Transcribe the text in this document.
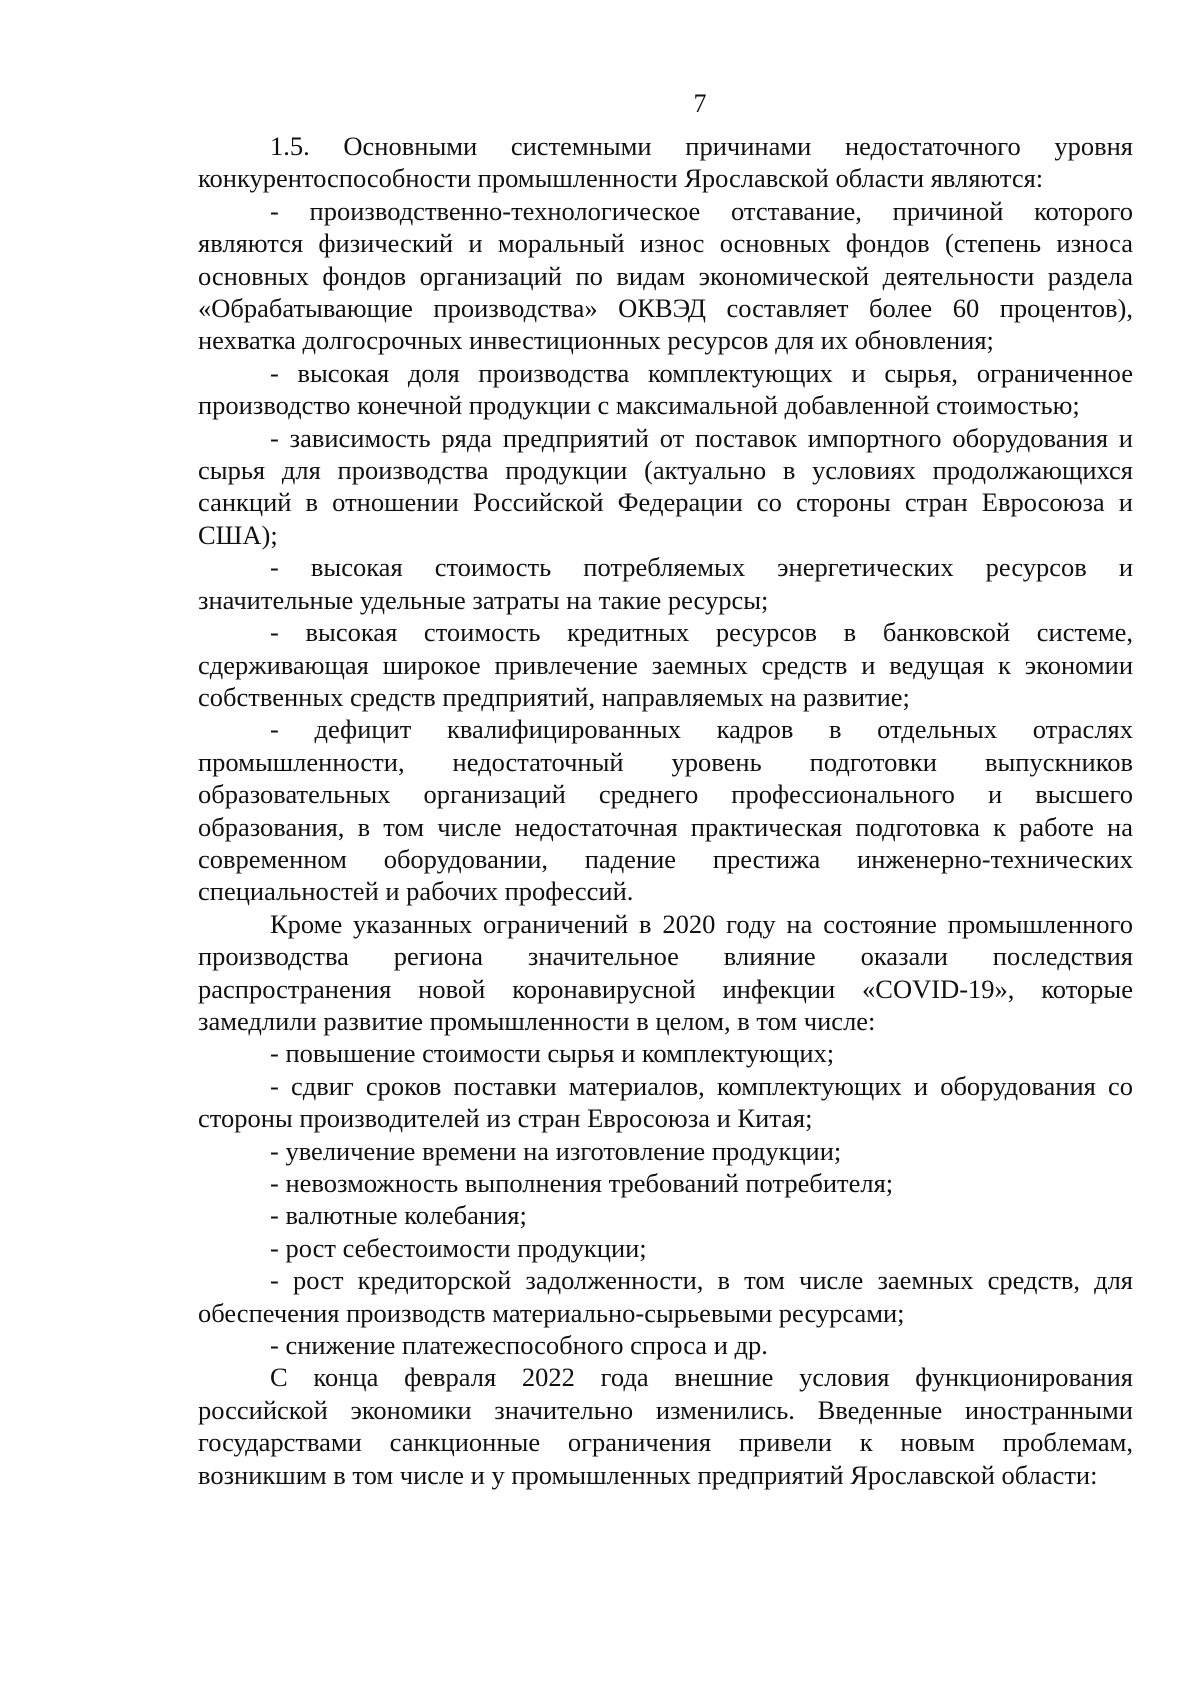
7

1.5. Основными системными причинами недостаточного уровня конкурентоспособности промышленности Ярославской области являются:

- производственно-технологическое отставание, причиной которого являются физический и моральный износ основных фондов (степень износа основных фондов организаций по видам экономической деятельности раздела «Обрабатывающие производства» ОКВЭД составляет более 60 процентов), нехватка долгосрочных инвестиционных ресурсов для их обновления;

- высокая доля производства комплектующих и сырья, ограниченное производство конечной продукции с максимальной добавленной стоимостью;

- зависимость ряда предприятий от поставок импортного оборудования и сырья для производства продукции (актуально в условиях продолжающихся санкций в отношении Российской Федерации со стороны стран Евросоюза и США);

- высокая стоимость потребляемых энергетических ресурсов и значительные удельные затраты на такие ресурсы;

- высокая стоимость кредитных ресурсов в банковской системе, сдерживающая широкое привлечение заемных средств и ведущая к экономии собственных средств предприятий, направляемых на развитие;

- дефицит квалифицированных кадров в отдельных отраслях промышленности, недостаточный уровень подготовки выпускников образовательных организаций среднего профессионального и высшего образования, в том числе недостаточная практическая подготовка к работе на современном оборудовании, падение престижа инженерно-технических специальностей и рабочих профессий.

Кроме указанных ограничений в 2020 году на состояние промышленного производства региона значительное влияние оказали последствия распространения новой коронавирусной инфекции «COVID-19», которые замедлили развитие промышленности в целом, в том числе:

- повышение стоимости сырья и комплектующих;

- сдвиг сроков поставки материалов, комплектующих и оборудования со стороны производителей из стран Евросоюза и Китая;

- увеличение времени на изготовление продукции;

- невозможность выполнения требований потребителя;

- валютные колебания;

- рост себестоимости продукции;

- рост кредиторской задолженности, в том числе заемных средств, для обеспечения производств материально-сырьевыми ресурсами;

- снижение платежеспособного спроса и др.

С конца февраля 2022 года внешние условия функционирования российской экономики значительно изменились. Введенные иностранными государствами санкционные ограничения привели к новым проблемам, возникшим в том числе и у промышленных предприятий Ярославской области:
